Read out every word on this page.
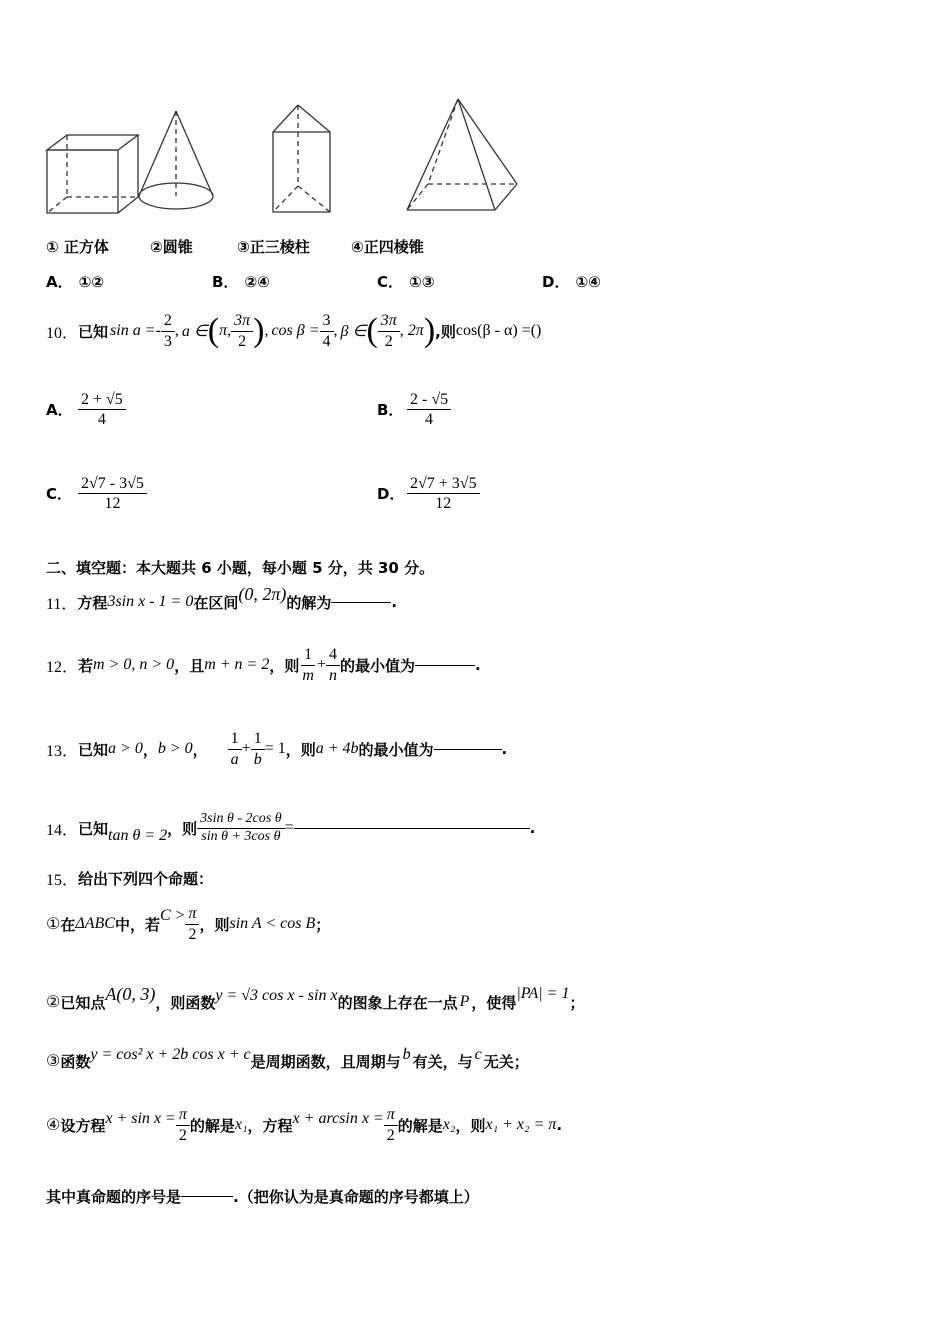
① 正方体	②圆锥	③正三棱柱	④正四棱锥
A． ①②	B． ②④	C． ①③	D． ①④
10． 已知 $\sin a =- \frac{2}{3}$ , a ∈ ( π, $\frac{3\pi}{2}$ ) , $\cos \beta = \frac{3}{4}$ , β ∈ ( $\frac{3\pi}{2}$ , 2π ) ,则 cos(β - α) =()
A． $\frac{2 + √5}{4}$	B． $\frac{2 - √5}{4}$
C． $\frac{2√7 - 3√5}{12}$	D． $\frac{2√7 + 3√5}{12}$
二、填空题：本大题共 6 小题，每小题 5 分，共 30 分。
11． 方程 3sin x - 1 = 0 在区间 (0, 2π) 的解为	.
12． 若 m > 0, n > 0 ，且 m + n = 2 ，则 $\frac{1}{m} + \frac{4}{n}$ 的最小值为	.
13． 已知 a > 0 ， b > 0 ， $\frac{1}{a} + \frac{1}{b} = 1$ ，则 a + 4b 的最小值为	.
14． 已知 tan θ = 2 ，则 $\frac{\text{3sin θ - 2cos θ}}{\text{sin θ + 3cos θ}}$ =	.
15． 给出下列四个命题：
① 在 ΔABC 中，若 $C > \frac{\pi}{2}$ ，则 sin A < cos B ；
② 已知点 A(0, 3) ，则函数 y = √3 cos x - sin x 的图象上存在一点 P ，使得 |PA| = 1 ；
③ 函数 y = cos² x + 2b cos x + c 是周期函数，且周期与 b 有关，与 c 无关；
④ 设方程 $x + \sin x = \frac{\pi}{2}$ 的解是 x₁ ，方程 $x + \arcsin x = \frac{\pi}{2}$ 的解是 x₂ ，则 x₁ + x₂ = π .
其中真命题的序号是	.（把你认为是真命题的序号都填上）
